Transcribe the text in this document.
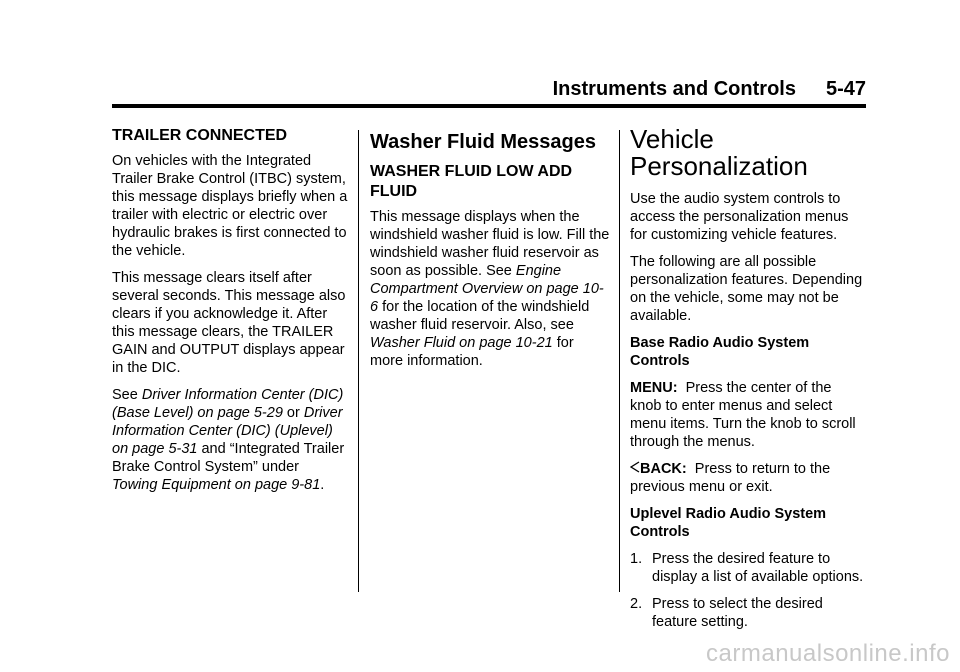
Instruments and Controls 5-47
TRAILER CONNECTED

On vehicles with the Integrated Trailer Brake Control (ITBC) system, this message displays briefly when a trailer with electric or electric over hydraulic brakes is first connected to the vehicle.

This message clears itself after several seconds. This message also clears if you acknowledge it. After this message clears, the TRAILER GAIN and OUTPUT displays appear in the DIC.

See Driver Information Center (DIC) (Base Level) on page 5-29 or Driver Information Center (DIC) (Uplevel) on page 5-31 and “Integrated Trailer Brake Control System” under Towing Equipment on page 9-81.

Washer Fluid Messages
WASHER FLUID LOW ADD FLUID

This message displays when the windshield washer fluid is low. Fill the windshield washer fluid reservoir as soon as possible. See Engine Compartment Overview on page 10-6 for the location of the windshield washer fluid reservoir. Also, see Washer Fluid on page 10-21 for more information.

Vehicle
Personalization

Use the audio system controls to access the personalization menus for customizing vehicle features.

The following are all possible personalization features. Depending on the vehicle, some may not be available.

Base Radio Audio System Controls

MENU: Press the center of the knob to enter menus and select menu items. Turn the knob to scroll through the menus.

BACK: Press to return to the previous menu or exit.

Uplevel Radio Audio System Controls

1. Press the desired feature to display a list of available options.
2. Press to select the desired feature setting.
carmanualsonline.info
